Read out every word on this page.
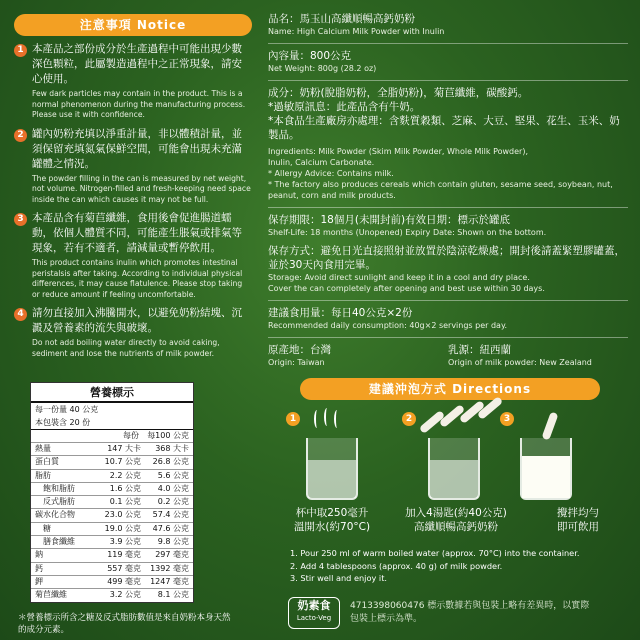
注意事項 Notice
1 本產品之部份成分於生產過程中可能出現少數深色顆粒，此屬製造過程中之正常現象，請安心使用。
Few dark particles may contain in the product. This is a normal phenomenon during the manufacturing process. Please use it with confidence.
2 罐內奶粉充填以淨重計量，非以體積計量，並須保留充填氮氣保鮮空間，可能會出現未充滿罐體之情況。
The powder filling in the can is measured by net weight, not volume. Nitrogen-filled and fresh-keeping need space inside the can which causes it may not be full.
3 本產品含有菊苣纖維，食用後會促進腸道蠕動，依個人體質不同，可能產生脹氣或排氣等現象，若有不適者，請減量或暫停飲用。
This product contains inulin which promotes intestinal peristalsis after taking. According to individual physical differences, it may cause flatulence. Please stop taking or reduce amount if feeling uncomfortable.
4 請勿直接加入沸騰開水，以避免奶粉結塊、沉澱及營養素的流失與破壞。
Do not add boiling water directly to avoid caking, sediment and lose the nutrients of milk powder.
營養標示
每一份量 40 公克
本包裝含 20 份
每份	每100 公克
熱量	147 大卡	368 大卡
蛋白質	10.7 公克	26.8 公克
脂肪	2.2 公克	5.6 公克
飽和脂肪	1.6 公克	4.0 公克
反式脂肪	0.1 公克	0.2 公克
碳水化合物	23.0 公克	57.4 公克
糖	19.0 公克	47.6 公克
膳食纖維	3.9 公克	9.8 公克
鈉	119 毫克	297 毫克
鈣	557 毫克	1392 毫克
鉀	499 毫克	1247 毫克
菊苣纖維	3.2 公克	8.1 公克
＊營養標示所含之糖及反式脂肪數值是來自奶粉本身天然的成分元素。
品名：馬玉山高纖順暢高鈣奶粉
Name: High Calcium Milk Powder with Inulin
內容量：800公克
Net Weight: 800g (28.2 oz)
成分：奶粉(脫脂奶粉，全脂奶粉)，菊苣纖維，碳酸鈣。
*過敏原訊息：此產品含有牛奶。
*本食品生產廠房亦處理：含麩質穀類、芝麻、大豆、堅果、花生、玉米、奶製品。
Ingredients: Milk Powder (Skim Milk Powder, Whole Milk Powder),
Inulin, Calcium Carbonate.
* Allergy Advice: Contains milk.
* The factory also produces cereals which contain gluten, sesame seed, soybean, nut, peanut, corn and milk products.
保存期限：18個月(未開封前)有效日期：標示於罐底
Shelf-Life: 18 months (Unopened) Expiry Date: Shown on the bottom.
保存方式：避免日光直接照射並放置於陰涼乾燥處；開封後請蓋緊塑膠罐蓋，並於30天內食用完畢。
Storage: Avoid direct sunlight and keep it in a cool and dry place.
Cover the can completely after opening and best use within 30 days.
建議食用量：每日40公克×2份
Recommended daily consumption: 40g×2 servings per day.
原產地：台灣
Origin: Taiwan
乳源：紐西蘭
Origin of milk powder: New Zealand
建議沖泡方式 Directions
1	2	3
杯中取250毫升
溫開水(約70°C)
加入4湯匙(約40公克)
高纖順暢高鈣奶粉
攪拌均勻
即可飲用
1. Pour 250 ml of warm boiled water (approx. 70°C) into the container.
2. Add 4 tablespoons (approx. 40 g) of milk powder.
3. Stir well and enjoy it.
奶素食
Lacto-Veg
4713398060476 標示數據若與包裝上略有差異時，以實際包裝上標示為準。
